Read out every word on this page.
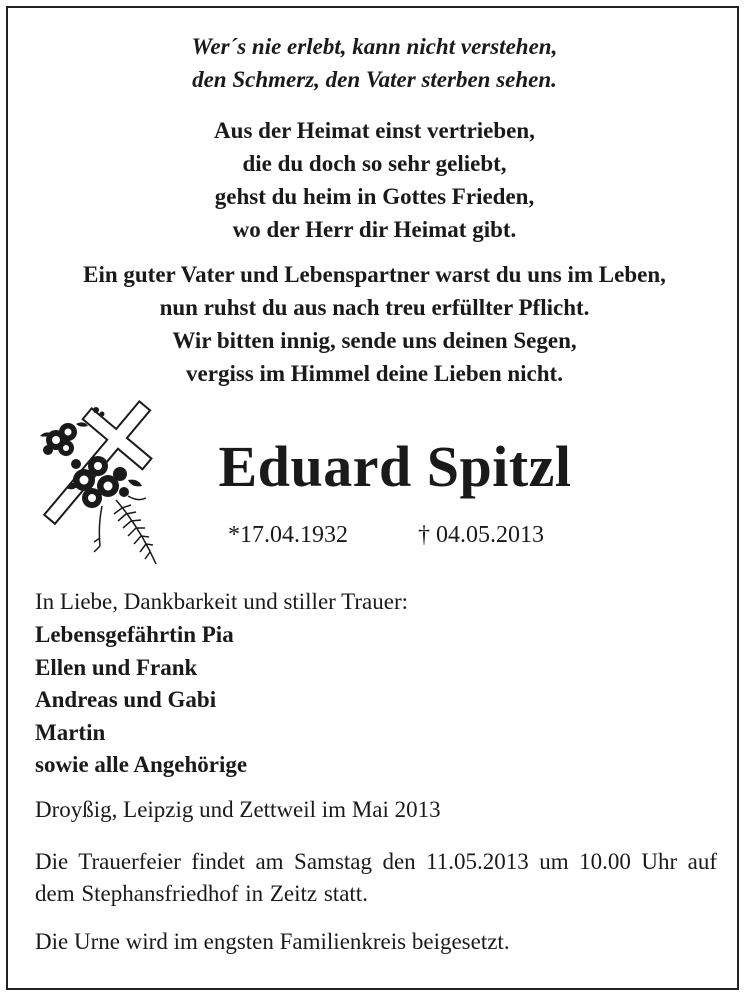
Wer´s nie erlebt, kann nicht verstehen,
den Schmerz, den Vater sterben sehen.
Aus der Heimat einst vertrieben,
die du doch so sehr geliebt,
gehst du heim in Gottes Frieden,
wo der Herr dir Heimat gibt.
Ein guter Vater und Lebenspartner warst du uns im Leben,
nun ruhst du aus nach treu erfüllter Pflicht.
Wir bitten innig, sende uns deinen Segen,
vergiss im Himmel deine Lieben nicht.
Eduard Spitzl
*17.04.1932	† 04.05.2013
In Liebe, Dankbarkeit und stiller Trauer:
Lebensgefährtin Pia
Ellen und Frank
Andreas und Gabi
Martin
sowie alle Angehörige
Droyßig, Leipzig und Zettweil im Mai 2013
Die Trauerfeier findet am Samstag den 11.05.2013 um 10.00 Uhr auf dem Stephansfriedhof in Zeitz statt.
Die Urne wird im engsten Familienkreis beigesetzt.
